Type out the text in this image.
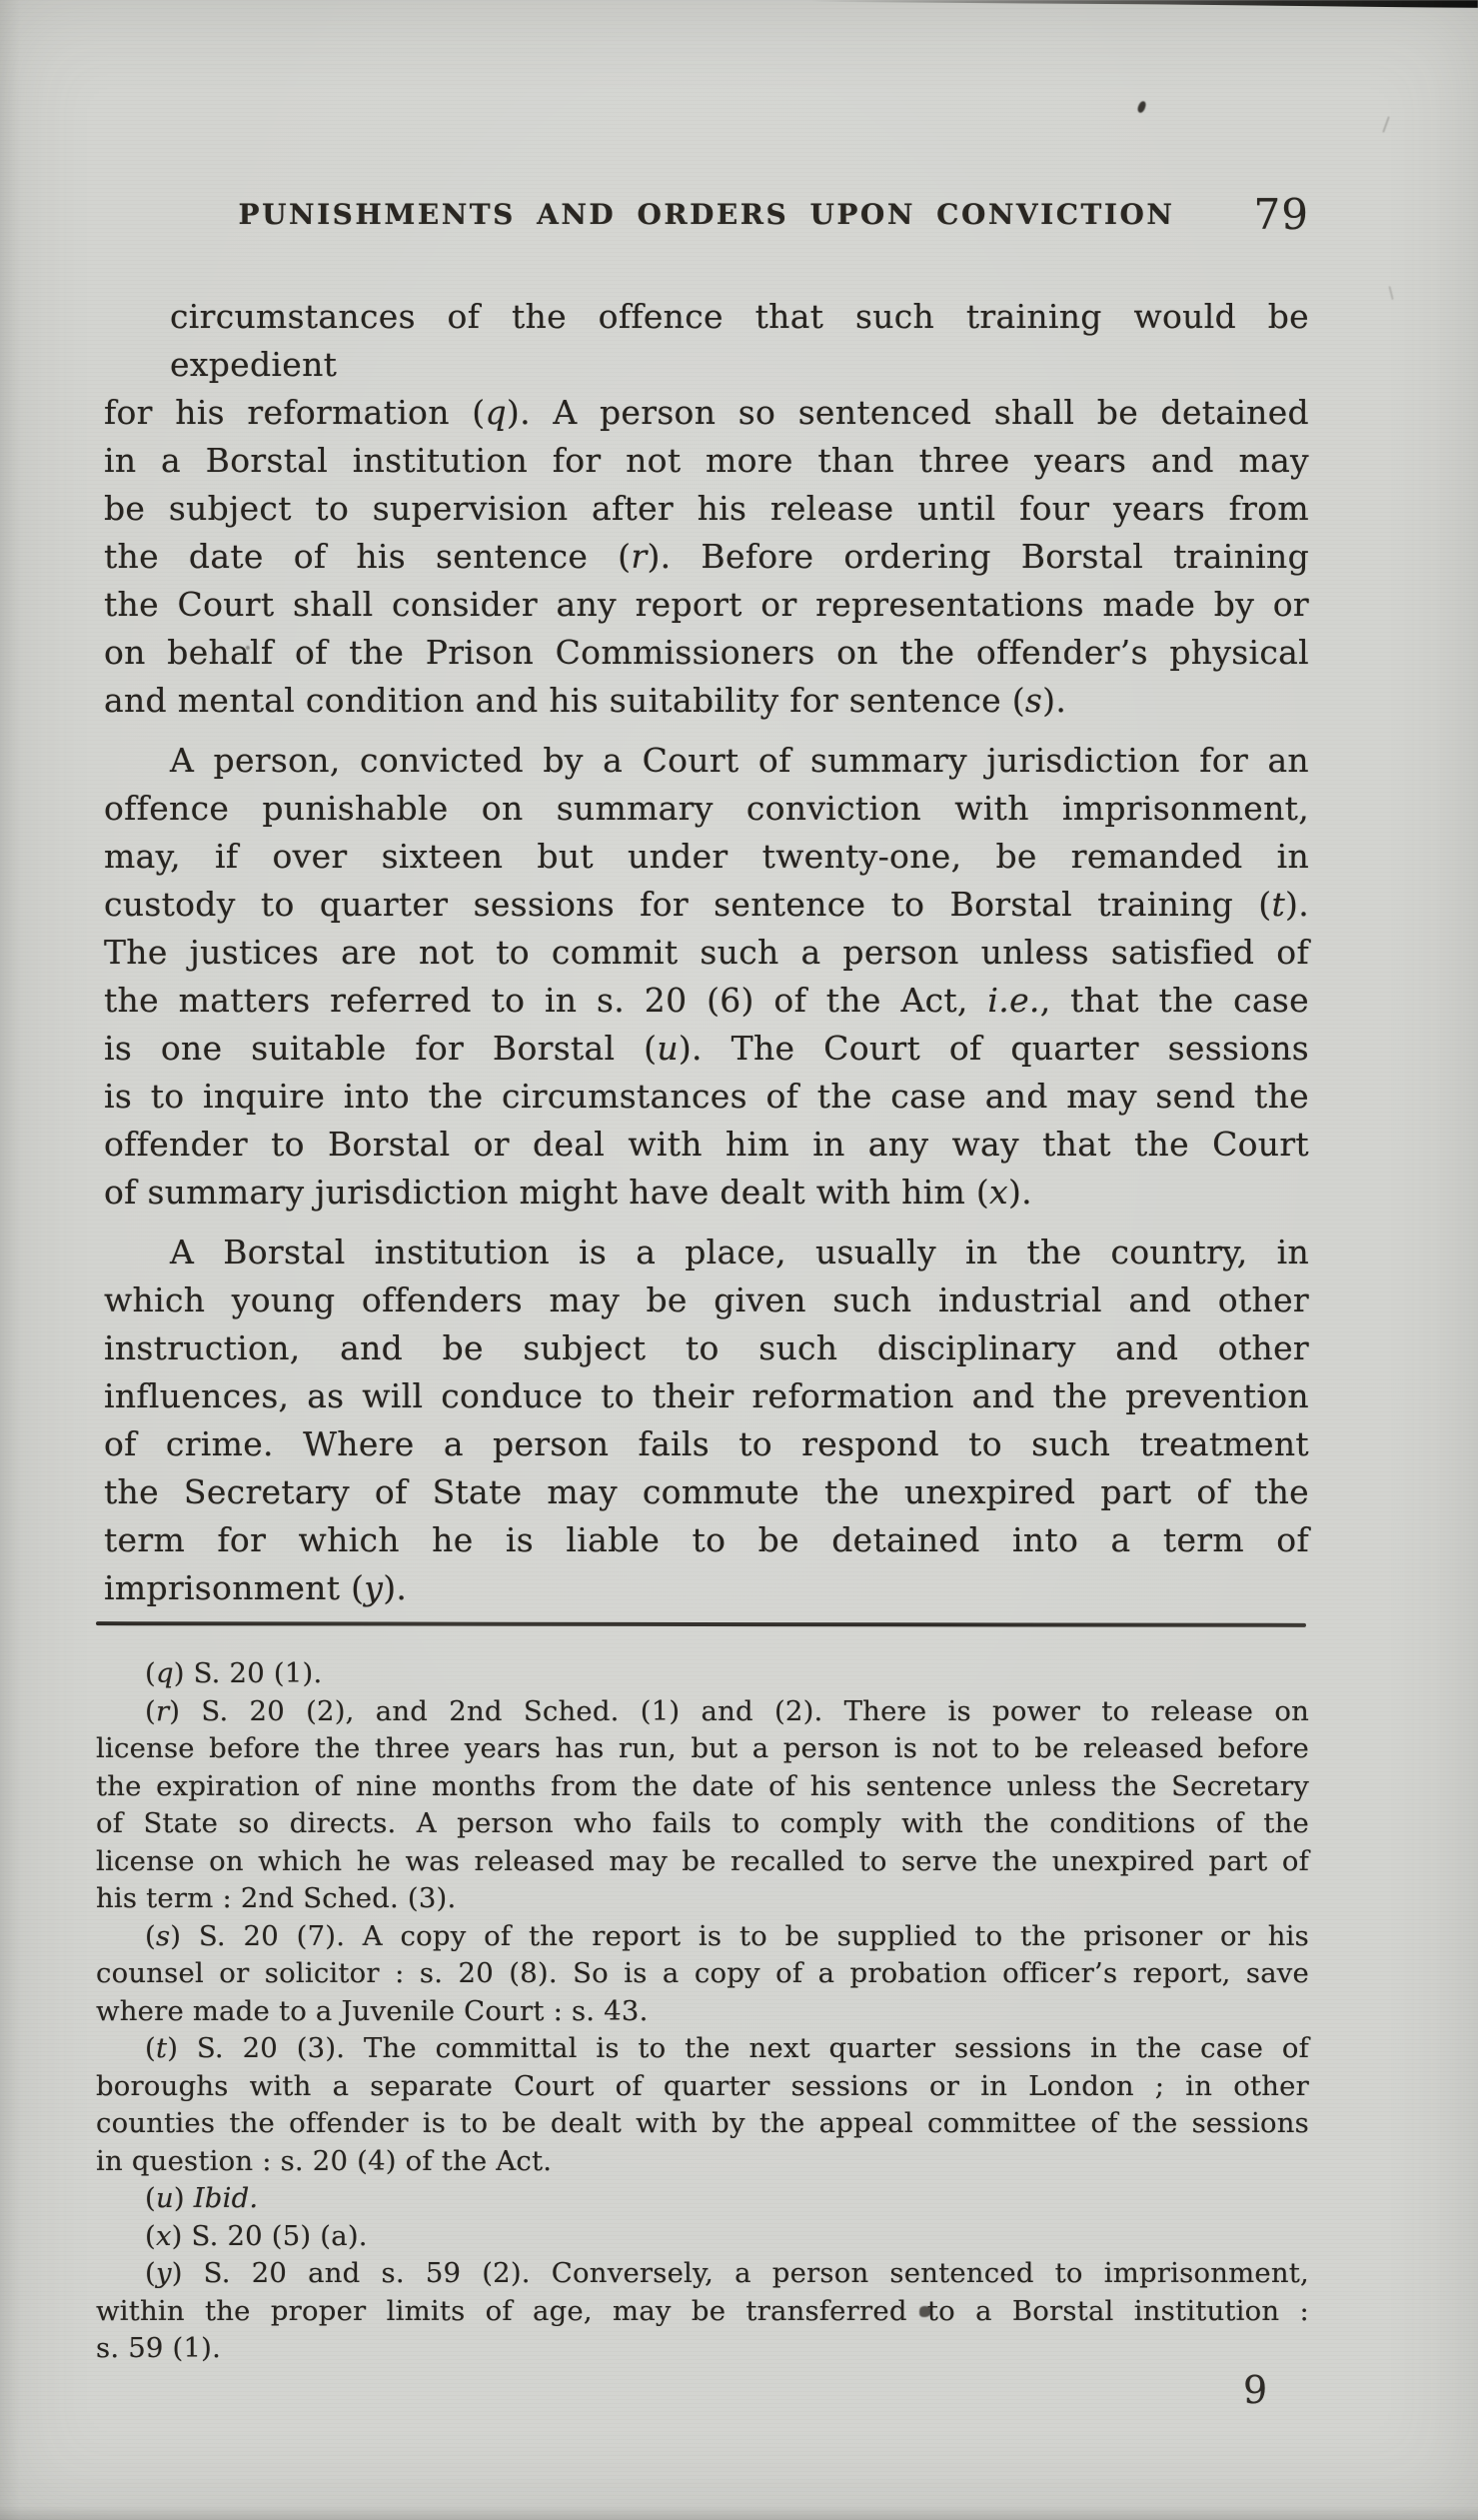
PUNISHMENTS AND ORDERS UPON CONVICTION	79
circumstances of the offence that such training would be expedient
for his reformation (q). A person so sentenced shall be detained
in a Borstal institution for not more than three years and may
be subject to supervision after his release until four years from
the date of his sentence (r). Before ordering Borstal training
the Court shall consider any report or representations made by or
on behalf of the Prison Commissioners on the offender’s physical
and mental condition and his suitability for sentence (s).
A person, convicted by a Court of summary jurisdiction for an
offence punishable on summary conviction with imprisonment,
may, if over sixteen but under twenty-one, be remanded in
custody to quarter sessions for sentence to Borstal training (t).
The justices are not to commit such a person unless satisfied of
the matters referred to in s. 20 (6) of the Act, i.e., that the case
is one suitable for Borstal (u). The Court of quarter sessions
is to inquire into the circumstances of the case and may send the
offender to Borstal or deal with him in any way that the Court
of summary jurisdiction might have dealt with him (x).
A Borstal institution is a place, usually in the country, in
which young offenders may be given such industrial and other
instruction, and be subject to such disciplinary and other
influences, as will conduce to their reformation and the prevention
of crime. Where a person fails to respond to such treatment
the Secretary of State may commute the unexpired part of the
term for which he is liable to be detained into a term of
imprisonment (y).
(q) S. 20 (1).
(r) S. 20 (2), and 2nd Sched. (1) and (2). There is power to release on
license before the three years has run, but a person is not to be released before
the expiration of nine months from the date of his sentence unless the Secretary
of State so directs. A person who fails to comply with the conditions of the
license on which he was released may be recalled to serve the unexpired part of
his term : 2nd Sched. (3).
(s) S. 20 (7). A copy of the report is to be supplied to the prisoner or his
counsel or solicitor : s. 20 (8). So is a copy of a probation officer’s report, save
where made to a Juvenile Court : s. 43.
(t) S. 20 (3). The committal is to the next quarter sessions in the case of
boroughs with a separate Court of quarter sessions or in London ; in other
counties the offender is to be dealt with by the appeal committee of the sessions
in question : s. 20 (4) of the Act.
(u) Ibid.
(x) S. 20 (5) (a).
(y) S. 20 and s. 59 (2). Conversely, a person sentenced to imprisonment,
within the proper limits of age, may be transferred to a Borstal institution :
s. 59 (1).
9
